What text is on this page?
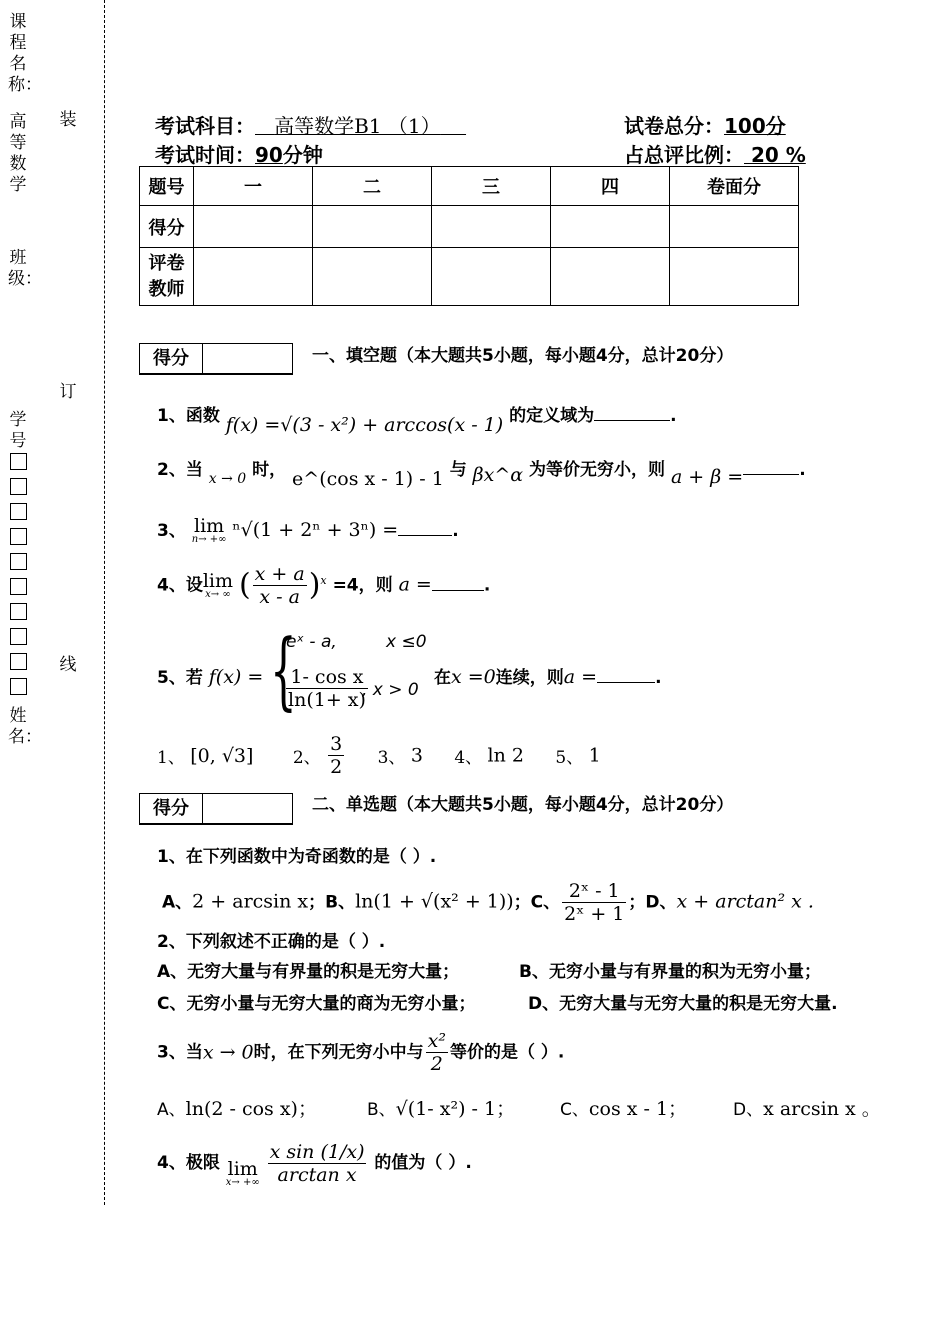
课程名称：
高等数学
班级：
学号
姓名：
装
订
线
考试科目： 高等数学B1 （1）	试卷总分：100分
考试时间：90分钟	占总评比例： 20 %
题号	一	二	三	四	卷面分
得分					
评卷
教师					
得分	一、填空题（本大题共5小题，每小题4分，总计20分）
1、函数 f(x) =√(3 - x²) + arccos(x - 1) 的定义域为	.
2、当 $_{x \to 0}$ 时， e^(cos x - 1) - 1 与 βx^α 为等价无穷小，则 a + β =	.
3、 lim
n→ +∞ ⁿ√(1 + 2ⁿ + 3ⁿ) =	.
4、设lim
x→ ∞ ( $\frac{x + a}{x - a} )^x =4$，则 a =	.
5、若 f(x) = {
eˣ - a,	x ≤0
$\frac{\text{1- cos x}}{\ln(1+ x)}$
, x > 0
在x =0连续，则a =	.
1、 [0, √3] 2、 $\frac{3}{2} 3$、 3 4、 ln 2 5、 1
得分	二、单选题（本大题共5小题，每小题4分，总计20分）
1、在下列函数中为奇函数的是（ ）.
A、2 + arcsin x；B、ln(1 + √(x² + 1))；C、 $\frac{\text{2ˣ - 1}}{\text{2ˣ + 1}}$ ；D、x + arctan² x .
2、下列叙述不正确的是（ ）.
A、无穷大量与有界量的积是无穷大量；	B、无穷小量与有界量的积为无穷小量；
C、无穷小量与无穷大量的商为无穷小量；	D、无穷大量与无穷大量的积是无穷大量.
3、当x → 0时，在下列无穷小中与 $\frac{\text{x²}}{2}$ 等价的是（ ）.
A、ln(2 - cos x)；	B、√(1- x²) - 1；	C、cos x - 1；	D、x arcsin x 。
4、极限 lim
x→ +∞
$\frac{\text{x sin (1/x)}}{\text{arctan x}}$ 的值为（ ）.
